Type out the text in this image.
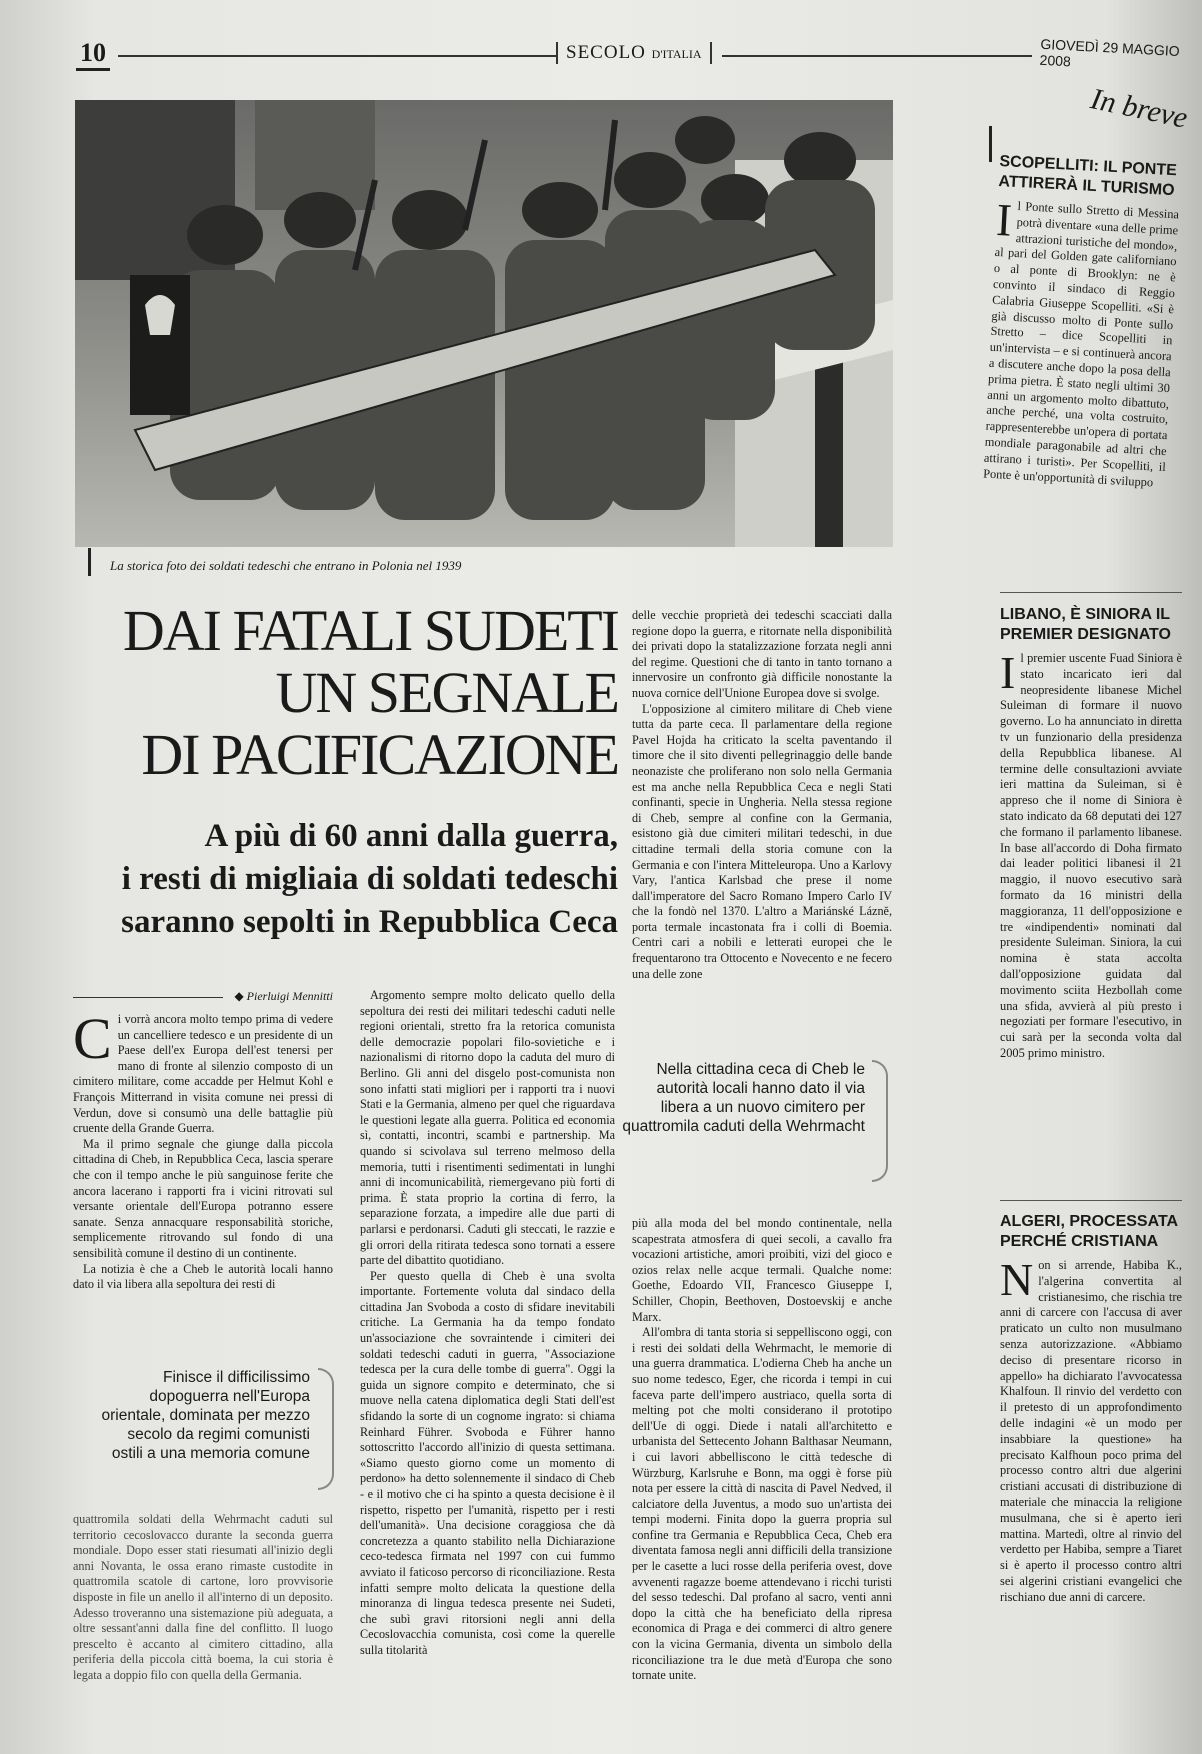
10	SECOLO D'ITALIA	GIOVEDÌ 29 MAGGIO 2008
La storica foto dei soldati tedeschi che entrano in Polonia nel 1939
DAI FATALI SUDETI
UN SEGNALE
DI PACIFICAZIONE
A più di 60 anni dalla guerra,
i resti di migliaia di soldati tedeschi
saranno sepolti in Repubblica Ceca
◆ Pierluigi Mennitti

Ci vorrà ancora molto tempo prima di vedere un cancelliere tedesco e un presidente di un Paese dell'ex Europa dell'est tenersi per mano di fronte al silenzio composto di un cimitero militare, come accadde per Helmut Kohl e François Mitterrand in visita comune nei pressi di Verdun, dove si consumò una delle battaglie più cruente della Grande Guerra.

Ma il primo segnale che giunge dalla piccola cittadina di Cheb, in Repubblica Ceca, lascia sperare che con il tempo anche le più sanguinose ferite che ancora lacerano i rapporti fra i vicini ritrovati sul versante orientale dell'Europa potranno essere sanate. Senza annacquare responsabilità storiche, semplicemente ritrovando sul fondo di una sensibilità comune il destino di un continente.

La notizia è che a Cheb le autorità locali hanno dato il via libera alla sepoltura dei resti di

Finisce il difficilissimo dopoguerra nell'Europa orientale, dominata per mezzo secolo da regimi comunisti ostili a una memoria comune

quattromila soldati della Wehrmacht caduti sul territorio cecoslovacco durante la seconda guerra mondiale. Dopo esser stati riesumati all'inizio degli anni Novanta, le ossa erano rimaste custodite in quattromila scatole di cartone, loro provvisorie disposte in file un anello il all'interno di un deposito. Adesso troveranno una sistemazione più adeguata, a oltre sessant'anni dalla fine del conflitto. Il luogo prescelto è accanto al cimitero cittadino, alla periferia della piccola città boema, la cui storia è legata a doppio filo con quella della Germania.

Argomento sempre molto delicato quello della sepoltura dei resti dei militari tedeschi caduti nelle regioni orientali, stretto fra la retorica comunista delle democrazie popolari filo-sovietiche e i nazionalismi di ritorno dopo la caduta del muro di Berlino. Gli anni del disgelo post-comunista non sono infatti stati migliori per i rapporti tra i nuovi Stati e la Germania, almeno per quel che riguardava le questioni legate alla guerra. Politica ed economia sì, contatti, incontri, scambi e partnership. Ma quando si scivolava sul terreno melmoso della memoria, tutti i risentimenti sedimentati in lunghi anni di incomunicabilità, riemergevano più forti di prima. È stata proprio la cortina di ferro, la separazione forzata, a impedire alle due parti di parlarsi e perdonarsi. Caduti gli steccati, le razzie e gli orrori della ritirata tedesca sono tornati a essere parte del dibattito quotidiano.

Per questo quella di Cheb è una svolta importante. Fortemente voluta dal sindaco della cittadina Jan Svoboda a costo di sfidare inevitabili critiche. La Germania ha da tempo fondato un'associazione che sovraintende i cimiteri dei soldati tedeschi caduti in guerra, "Associazione tedesca per la cura delle tombe di guerra". Oggi la guida un signore compito e determinato, che si muove nella catena diplomatica degli Stati dell'est sfidando la sorte di un cognome ingrato: si chiama Reinhard Führer. Svoboda e Führer hanno sottoscritto l'accordo all'inizio di questa settimana. «Siamo questo giorno come un momento di perdono» ha detto solennemente il sindaco di Cheb - e il motivo che ci ha spinto a questa decisione è il rispetto, rispetto per l'umanità, rispetto per i resti dell'umanità». Una decisione coraggiosa che dà concretezza a quanto stabilito nella Dichiarazione ceco-tedesca firmata nel 1997 con cui fummo avviato il faticoso percorso di riconciliazione. Resta infatti sempre molto delicata la questione della minoranza di lingua tedesca presente nei Sudeti, che subì gravi ritorsioni negli anni della Cecoslovacchia comunista, così come la querelle sulla titolarità

delle vecchie proprietà dei tedeschi scacciati dalla regione dopo la guerra, e ritornate nella disponibilità dei privati dopo la statalizzazione forzata negli anni del regime. Questioni che di tanto in tanto tornano a innervosire un confronto già difficile nonostante la nuova cornice dell'Unione Europea dove si svolge.

L'opposizione al cimitero militare di Cheb viene tutta da parte ceca. Il parlamentare della regione Pavel Hojda ha criticato la scelta paventando il timore che il sito diventi pellegrinaggio delle bande neonaziste che proliferano non solo nella Germania est ma anche nella Repubblica Ceca e negli Stati confinanti, specie in Ungheria. Nella stessa regione di Cheb, sempre al confine con la Germania, esistono già due cimiteri militari tedeschi, in due cittadine termali della storia comune con la Germania e con l'intera Mitteleuropa. Uno a Karlovy Vary, l'antica Karlsbad che prese il nome dall'imperatore del Sacro Romano Impero Carlo IV che la fondò nel 1370. L'altro a Mariánské Lázně, porta termale incastonata fra i colli di Boemia. Centri cari a nobili e letterati europei che le frequentarono tra Ottocento e Novecento e ne fecero una delle zone

Nella cittadina ceca di Cheb le autorità locali hanno dato il via libera a un nuovo cimitero per quattromila caduti della Wehrmacht

più alla moda del bel mondo continentale, nella scapestrata atmosfera di quei secoli, a cavallo fra vocazioni artistiche, amori proibiti, vizi del gioco e ozios relax nelle acque termali. Qualche nome: Goethe, Edoardo VII, Francesco Giuseppe I, Schiller, Chopin, Beethoven, Dostoevskij e anche Marx.

All'ombra di tanta storia si seppelliscono oggi, con i resti dei soldati della Wehrmacht, le memorie di una guerra drammatica. L'odierna Cheb ha anche un suo nome tedesco, Eger, che ricorda i tempi in cui faceva parte dell'impero austriaco, quella sorta di melting pot che molti considerano il prototipo dell'Ue di oggi. Diede i natali all'architetto e urbanista del Settecento Johann Balthasar Neumann, i cui lavori abbelliscono le città tedesche di Würzburg, Karlsruhe e Bonn, ma oggi è forse più nota per essere la città di nascita di Pavel Nedved, il calciatore della Juventus, a modo suo un'artista dei tempi moderni. Finita dopo la guerra propria sul confine tra Germania e Repubblica Ceca, Cheb era diventata famosa negli anni difficili della transizione per le casette a luci rosse della periferia ovest, dove avvenenti ragazze boeme attendevano i ricchi turisti del sesso tedeschi. Dal profano al sacro, venti anni dopo la città che ha beneficiato della ripresa economica di Praga e dei commerci di altro genere con la vicina Germania, diventa un simbolo della riconciliazione tra le due metà d'Europa che sono tornate unite.

In breve
SCOPELLITI: IL PONTE ATTIRERÀ IL TURISMO
Il Ponte sullo Stretto di Messina potrà diventare «una delle prime attrazioni turistiche del mondo», al pari del Golden gate californiano o al ponte di Brooklyn: ne è convinto il sindaco di Reggio Calabria Giuseppe Scopelliti. «Si è già discusso molto di Ponte sullo Stretto – dice Scopelliti in un'intervista – e si continuerà ancora a discutere anche dopo la posa della prima pietra. È stato negli ultimi 30 anni un argomento molto dibattuto, anche perché, una volta costruito, rappresenterebbe un'opera di portata mondiale paragonabile ad altri che attirano i turisti». Per Scopelliti, il Ponte è un'opportunità di sviluppo
LIBANO, È SINIORA IL PREMIER DESIGNATO
Il premier uscente Fuad Siniora è stato incaricato ieri dal neopresidente libanese Michel Suleiman di formare il nuovo governo. Lo ha annunciato in diretta tv un funzionario della presidenza della Repubblica libanese. Al termine delle consultazioni avviate ieri mattina da Suleiman, si è appreso che il nome di Siniora è stato indicato da 68 deputati dei 127 che formano il parlamento libanese. In base all'accordo di Doha firmato dai leader politici libanesi il 21 maggio, il nuovo esecutivo sarà formato da 16 ministri della maggioranza, 11 dell'opposizione e tre «indipendenti» nominati dal presidente Suleiman. Siniora, la cui nomina è stata accolta dall'opposizione guidata dal movimento sciita Hezbollah come una sfida, avvierà al più presto i negoziati per formare l'esecutivo, in cui sarà per la seconda volta dal 2005 primo ministro.
ALGERI, PROCESSATA PERCHÉ CRISTIANA
Non si arrende, Habiba K., l'algerina convertita al cristianesimo, che rischia tre anni di carcere con l'accusa di aver praticato un culto non musulmano senza autorizzazione. «Abbiamo deciso di presentare ricorso in appello» ha dichiarato l'avvocatessa Khalfoun. Il rinvio del verdetto con il pretesto di un approfondimento delle indagini «è un modo per insabbiare la questione» ha precisato Kalfhoun poco prima del processo contro altri due algerini cristiani accusati di distribuzione di materiale che minaccia la religione musulmana, che si è aperto ieri mattina. Martedì, oltre al rinvio del verdetto per Habiba, sempre a Tiaret si è aperto il processo contro altri sei algerini cristiani evangelici che rischiano due anni di carcere.
